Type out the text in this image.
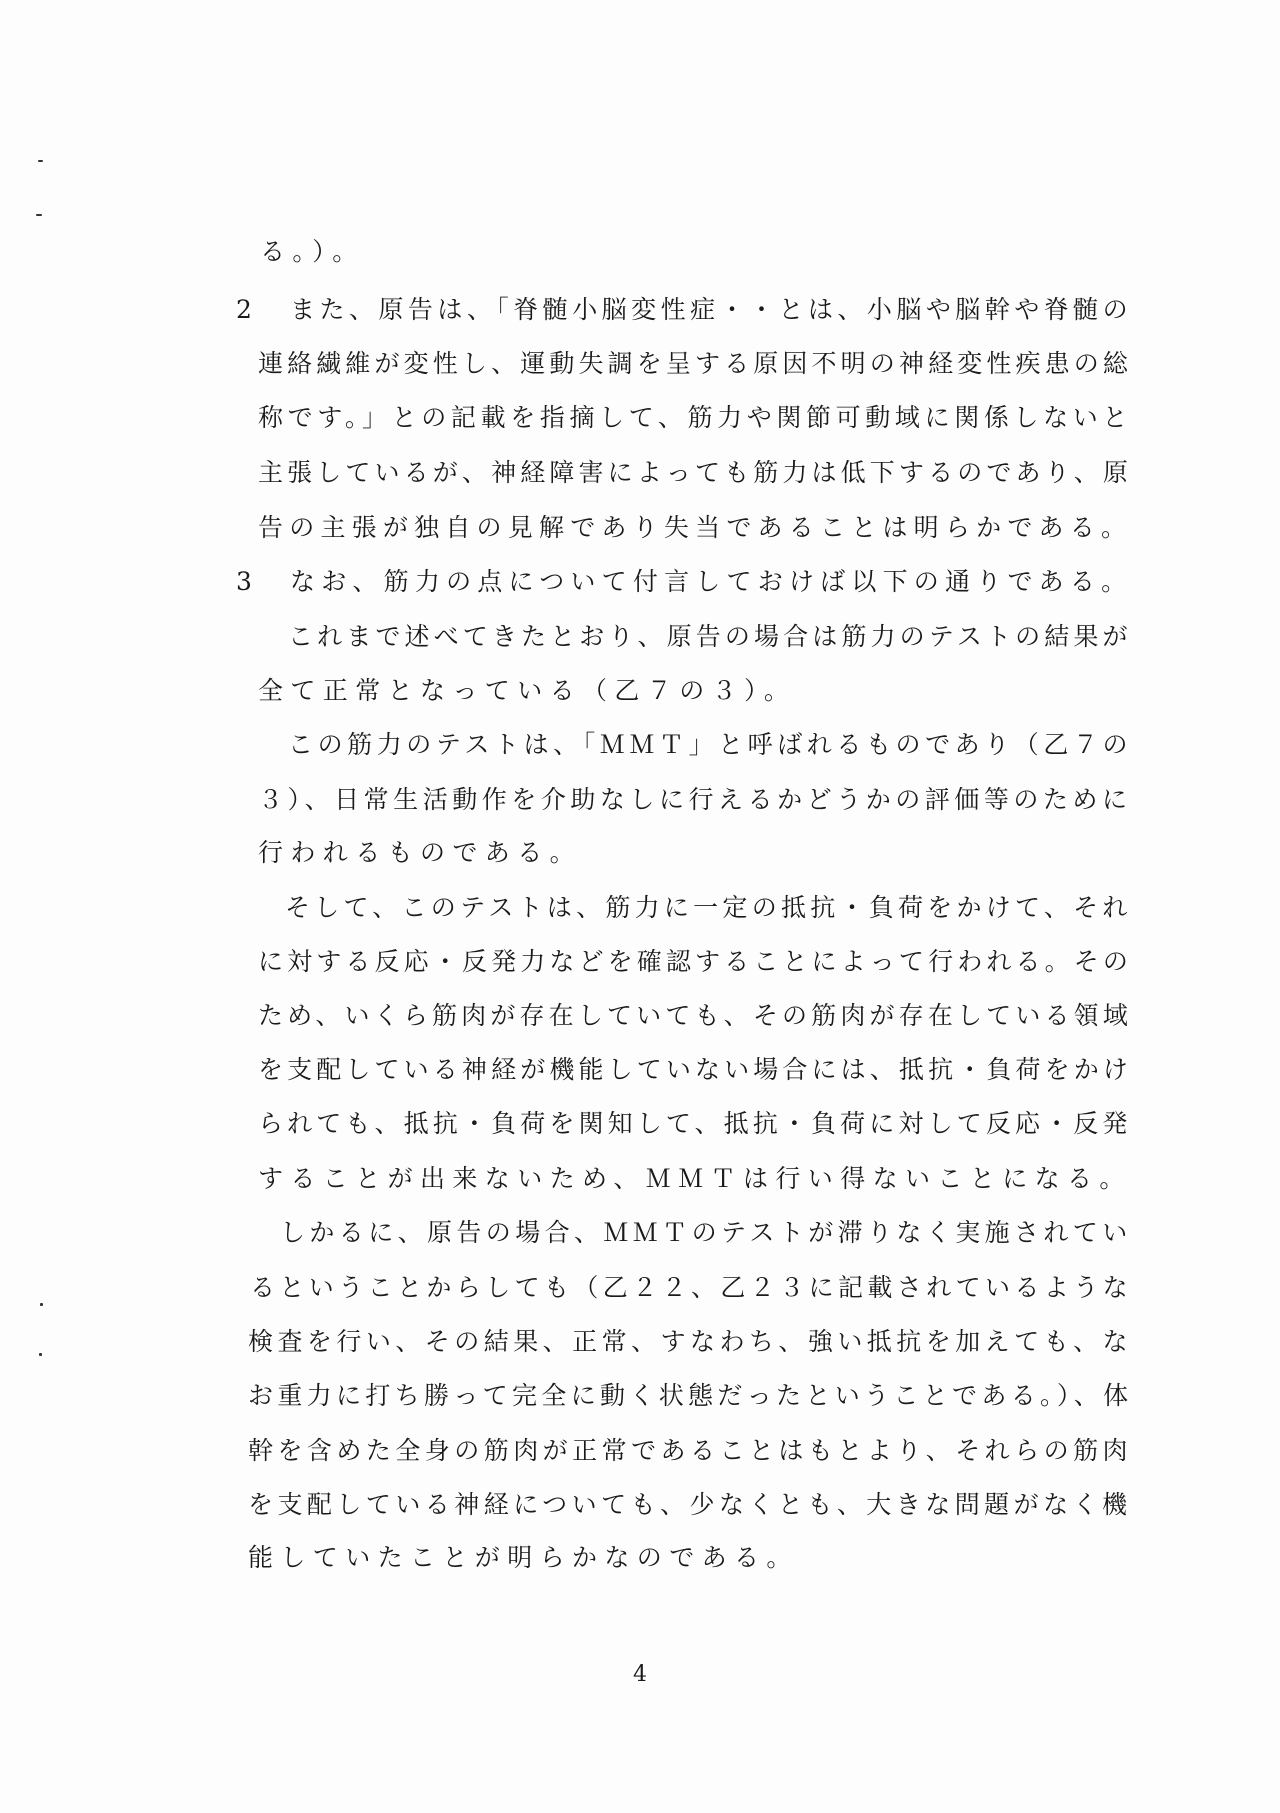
る。）。
2 また、原告は、「脊髄小脳変性症・・とは、小脳や脳幹や脊髄の
連絡繊維が変性し、運動失調を呈する原因不明の神経変性疾患の総
称です。」との記載を指摘して、筋力や関節可動域に関係しないと
主張しているが、神経障害によっても筋力は低下するのであり、原
告の主張が独自の見解であり失当であることは明らかである。
3 なお、筋力の点について付言しておけば以下の通りである。
これまで述べてきたとおり、原告の場合は筋力のテストの結果が
全て正常となっている（乙７の３）。
この筋力のテストは、「ＭＭＴ」と呼ばれるものであり（乙７の
３）、日常生活動作を介助なしに行えるかどうかの評価等のために
行われるものである。
そして、このテストは、筋力に一定の抵抗・負荷をかけて、それ
に対する反応・反発力などを確認することによって行われる。その
ため、いくら筋肉が存在していても、その筋肉が存在している領域
を支配している神経が機能していない場合には、抵抗・負荷をかけ
られても、抵抗・負荷を関知して、抵抗・負荷に対して反応・反発
することが出来ないため、ＭＭＴは行い得ないことになる。
しかるに、原告の場合、ＭＭＴのテストが滞りなく実施されてい
るということからしても（乙２２、乙２３に記載されているような
検査を行い、その結果、正常、すなわち、強い抵抗を加えても、な
お重力に打ち勝って完全に動く状態だったということである。）、体
幹を含めた全身の筋肉が正常であることはもとより、それらの筋肉
を支配している神経についても、少なくとも、大きな問題がなく機
能していたことが明らかなのである。
4
